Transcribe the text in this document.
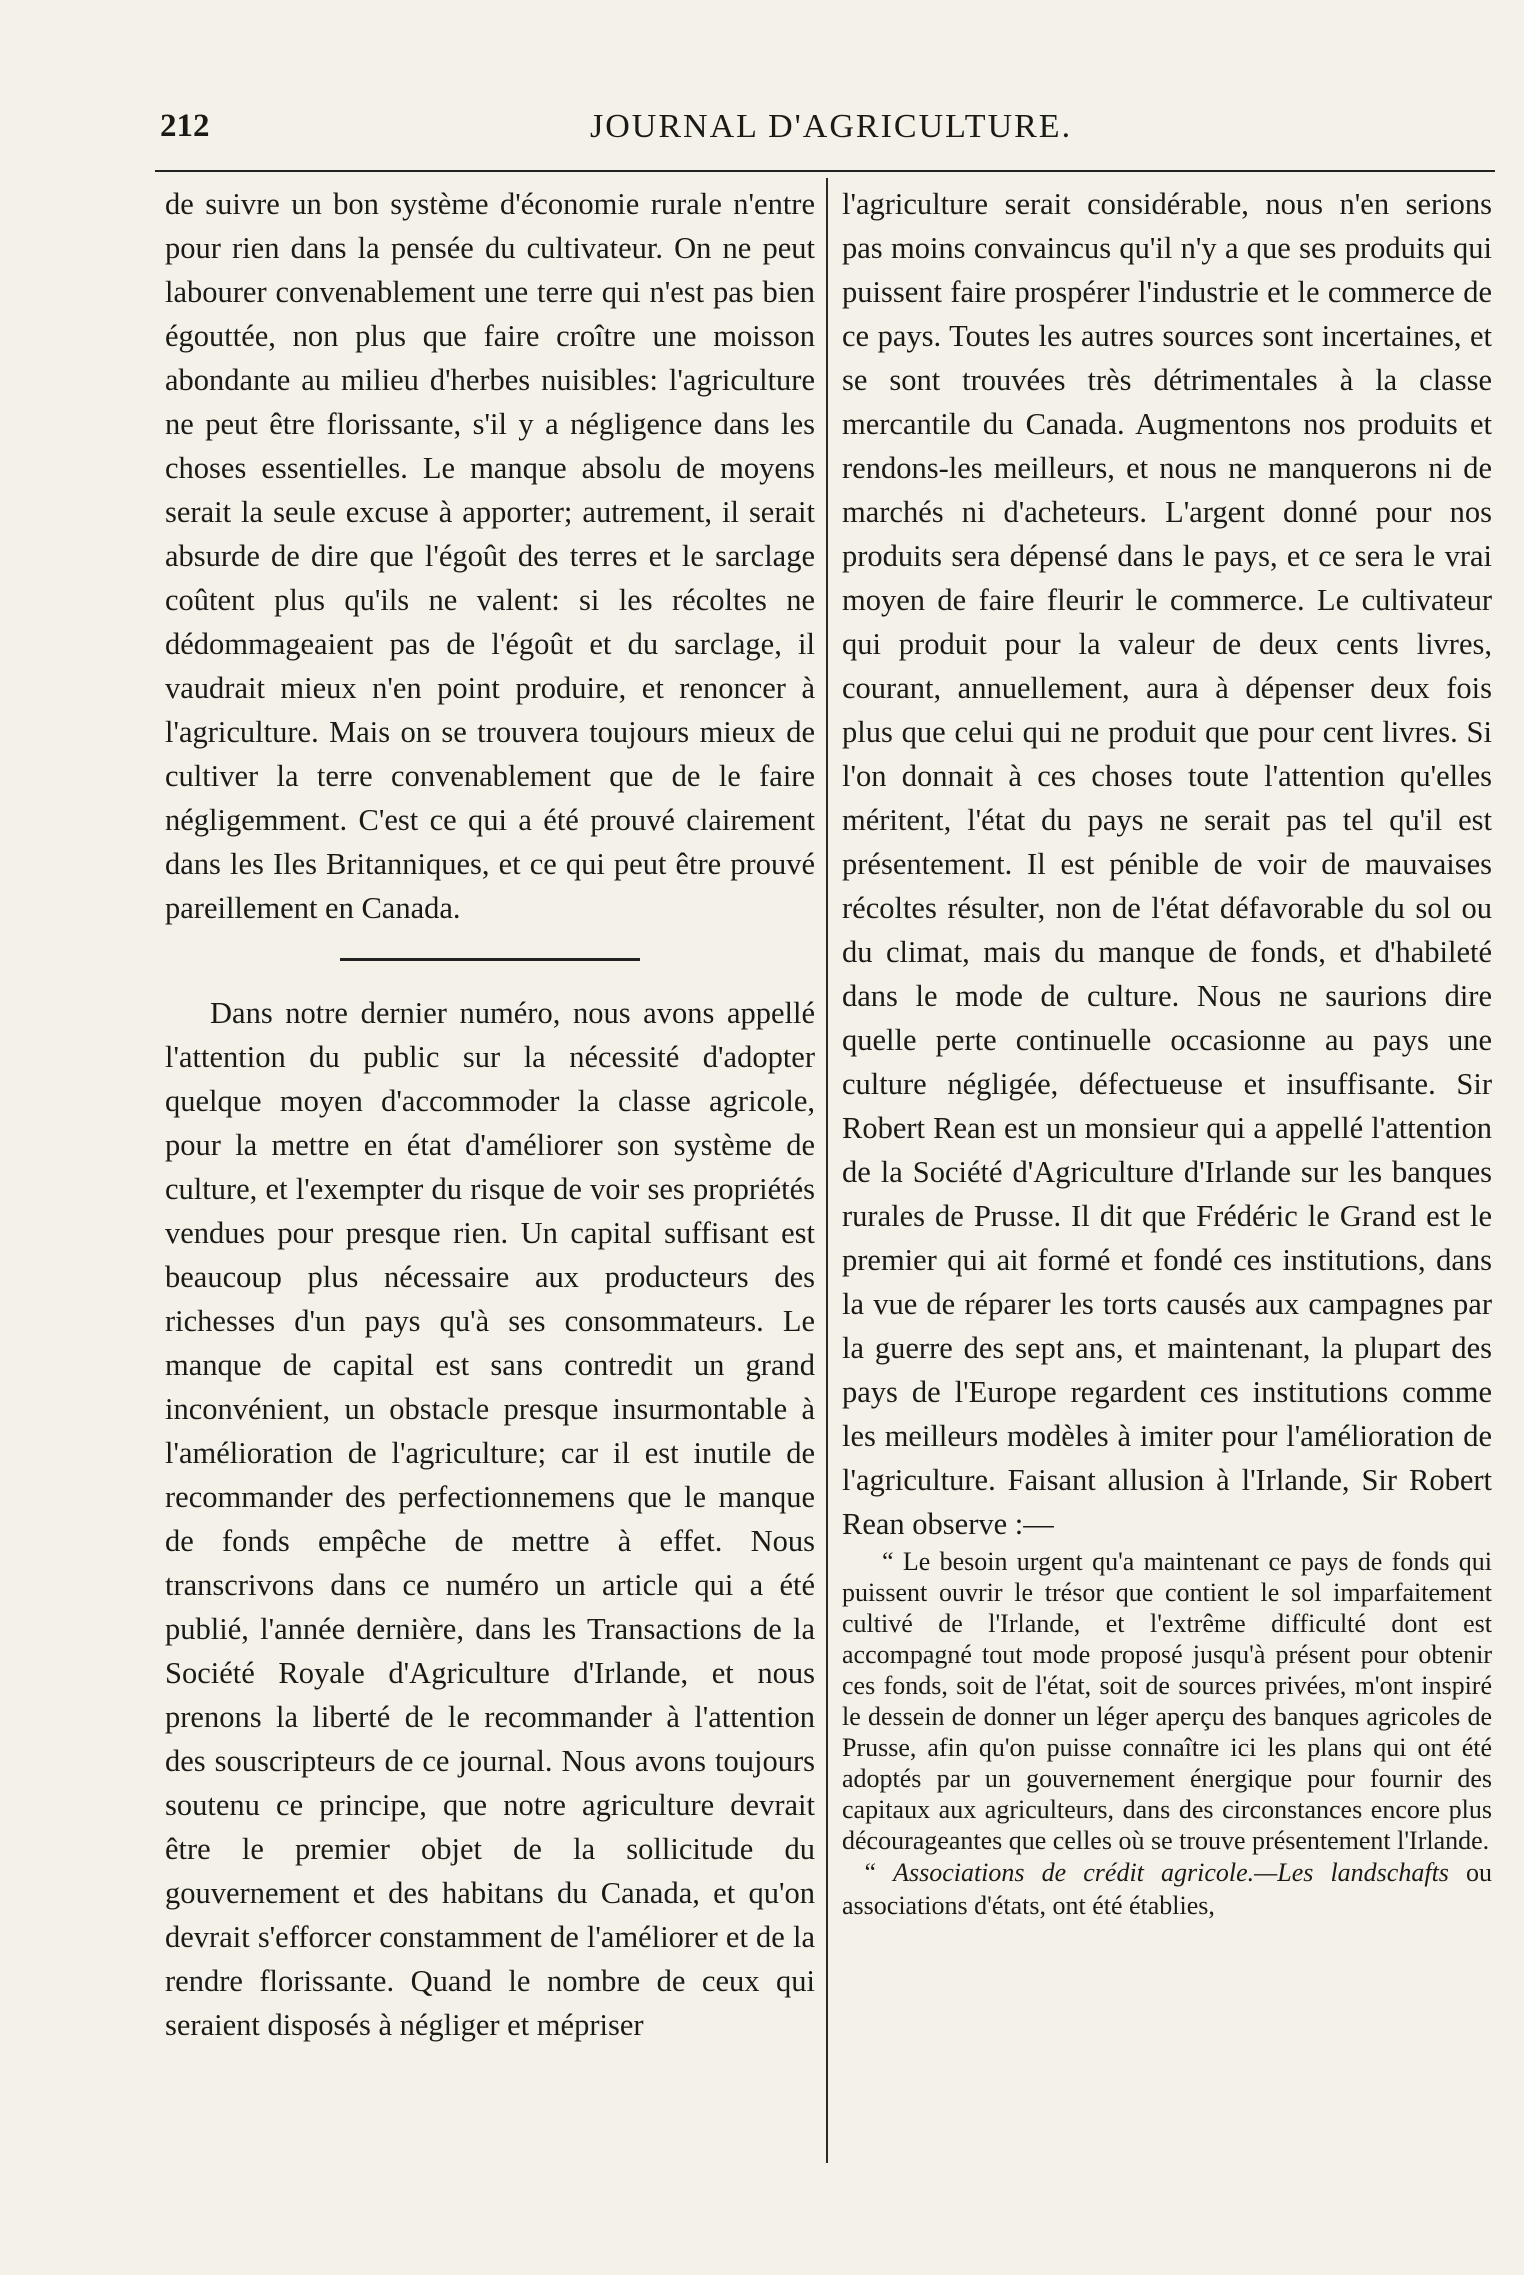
212	JOURNAL D'AGRICULTURE.

de suivre un bon système d'économie rurale n'entre pour rien dans la pensée du cultivateur. On ne peut labourer convenablement une terre qui n'est pas bien égouttée, non plus que faire croître une moisson abondante au milieu d'herbes nuisibles: l'agriculture ne peut être florissante, s'il y a négligence dans les choses essentielles. Le manque absolu de moyens serait la seule excuse à apporter; autrement, il serait absurde de dire que l'égoût des terres et le sarclage coûtent plus qu'ils ne valent: si les récoltes ne dédommageaient pas de l'égoût et du sarclage, il vaudrait mieux n'en point produire, et renoncer à l'agriculture. Mais on se trouvera toujours mieux de cultiver la terre convenablement que de le faire négligemment. C'est ce qui a été prouvé clairement dans les Iles Britanniques, et ce qui peut être prouvé pareillement en Canada.

Dans notre dernier numéro, nous avons appellé l'attention du public sur la nécessité d'adopter quelque moyen d'accommoder la classe agricole, pour la mettre en état d'améliorer son système de culture, et l'exempter du risque de voir ses propriétés vendues pour presque rien. Un capital suffisant est beaucoup plus nécessaire aux producteurs des richesses d'un pays qu'à ses consommateurs. Le manque de capital est sans contredit un grand inconvénient, un obstacle presque insurmontable à l'amélioration de l'agriculture; car il est inutile de recommander des perfectionnemens que le manque de fonds empêche de mettre à effet. Nous transcrivons dans ce numéro un article qui a été publié, l'année dernière, dans les Transactions de la Société Royale d'Agriculture d'Irlande, et nous prenons la liberté de le recommander à l'attention des souscripteurs de ce journal. Nous avons toujours soutenu ce principe, que notre agriculture devrait être le premier objet de la sollicitude du gouvernement et des habitans du Canada, et qu'on devrait s'efforcer constamment de l'améliorer et de la rendre florissante. Quand le nombre de ceux qui seraient disposés à négliger et mépriser

l'agriculture serait considérable, nous n'en serions pas moins convaincus qu'il n'y a que ses produits qui puissent faire prospérer l'industrie et le commerce de ce pays. Toutes les autres sources sont incertaines, et se sont trouvées très détrimentales à la classe mercantile du Canada. Augmentons nos produits et rendons-les meilleurs, et nous ne manquerons ni de marchés ni d'acheteurs. L'argent donné pour nos produits sera dépensé dans le pays, et ce sera le vrai moyen de faire fleurir le commerce. Le cultivateur qui produit pour la valeur de deux cents livres, courant, annuellement, aura à dépenser deux fois plus que celui qui ne produit que pour cent livres. Si l'on donnait à ces choses toute l'attention qu'elles méritent, l'état du pays ne serait pas tel qu'il est présentement. Il est pénible de voir de mauvaises récoltes résulter, non de l'état défavorable du sol ou du climat, mais du manque de fonds, et d'habileté dans le mode de culture. Nous ne saurions dire quelle perte continuelle occasionne au pays une culture négligée, défectueuse et insuffisante. Sir Robert Rean est un monsieur qui a appellé l'attention de la Société d'Agriculture d'Irlande sur les banques rurales de Prusse. Il dit que Frédéric le Grand est le premier qui ait formé et fondé ces institutions, dans la vue de réparer les torts causés aux campagnes par la guerre des sept ans, et maintenant, la plupart des pays de l'Europe regardent ces institutions comme les meilleurs modèles à imiter pour l'amélioration de l'agriculture. Faisant allusion à l'Irlande, Sir Robert Rean observe :—

“ Le besoin urgent qu'a maintenant ce pays de fonds qui puissent ouvrir le trésor que contient le sol imparfaitement cultivé de l'Irlande, et l'extrême difficulté dont est accompagné tout mode proposé jusqu'à présent pour obtenir ces fonds, soit de l'état, soit de sources privées, m'ont inspiré le dessein de donner un léger aperçu des banques agricoles de Prusse, afin qu'on puisse connaître ici les plans qui ont été adoptés par un gouvernement énergique pour fournir des capitaux aux agriculteurs, dans des circonstances encore plus décourageantes que celles où se trouve présentement l'Irlande.

“ Associations de crédit agricole.—Les landschafts ou associations d'états, ont été établies,
